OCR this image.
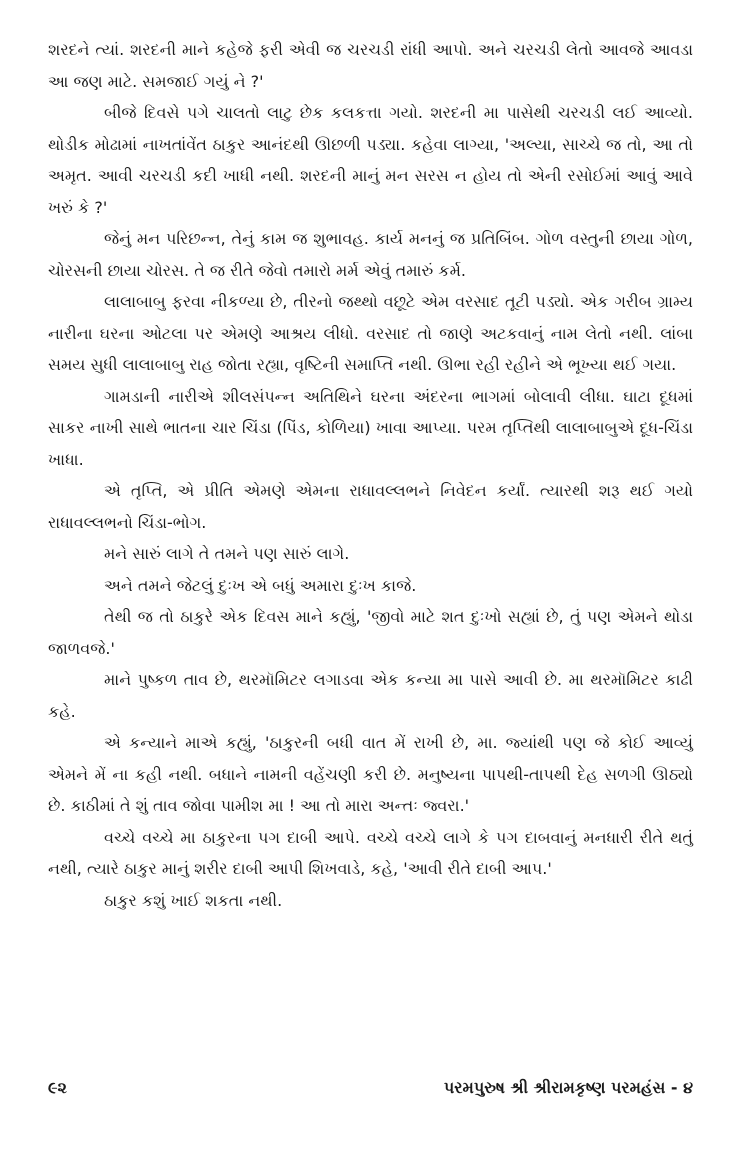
શરદને ત્યાં. શરદની માને કહેજે ફરી એવી જ ચરચડી રાંધી આપો. અને ચરચડી લેતો આવજે આવડા આ જણ માટે. સમજાઈ ગયું ને ?'

બીજે દિવસે પગે ચાલતો લાટુ છેક કલકત્તા ગયો. શરદની મા પાસેથી ચરચડી લઈ આવ્યો. થોડીક મોઢામાં નાખતાંવેંત ઠાકુર આનંદથી ઊછળી પડ્યા. કહેવા લાગ્યા, 'અલ્યા, સાચ્ચે જ તો, આ તો અમૃત. આવી ચરચડી કદી ખાધી નથી. શરદની માનું મન સરસ ન હોય તો એની રસોઈમાં આવું આવે ખરું કે ?'

જેનું મન પરિછન્ન, તેનું કામ જ શુભાવહ. કાર્ય મનનું જ પ્રતિબિંબ. ગોળ વસ્તુની છાયા ગોળ, ચોરસની છાયા ચોરસ. તે જ રીતે જેવો તમારો મર્મ એવું તમારું કર્મ.

લાલાબાબુ ફરવા નીકળ્યા છે, તીરનો જથ્થો વછૂટે એમ વરસાદ તૂટી પડ્યો. એક ગરીબ ગ્રામ્ય નારીના ઘરના ઓટલા પર એમણે આશ્રય લીધો. વરસાદ તો જાણે અટકવાનું નામ લેતો નથી. લાંબા સમય સુધી લાલાબાબુ રાહ જોતા રહ્યા, વૃષ્ટિની સમાપ્તિ નથી. ઊભા રહી રહીને એ ભૂખ્યા થઈ ગયા.

ગામડાની નારીએ શીલસંપન્ન અતિથિને ઘરના અંદરના ભાગમાં બોલાવી લીધા. ઘાટા દૂધમાં સાકર નાખી સાથે ભાતના ચાર ચિંડા (પિંડ, કોળિયા) ખાવા આપ્યા. પરમ તૃપ્તિથી લાલાબાબુએ દૂધ-ચિંડા ખાધા.

એ તૃપ્તિ, એ પ્રીતિ એમણે એમના રાધાવલ્લભને નિવેદન કર્યાં. ત્યારથી શરૂ થઈ ગયો રાધાવલ્લભનો ચિંડા-ભોગ.

મને સારું લાગે તે તમને પણ સારું લાગે.

અને તમને જેટલું દુઃખ એ બધું અમારા દુઃખ કાજે.

તેથી જ તો ઠાકુરે એક દિવસ માને કહ્યું, 'જીવો માટે શત દુઃખો સહ્યાં છે, તું પણ એમને થોડા જાળવજે.'

માને પુષ્કળ તાવ છે, થરમૉમિટર લગાડવા એક કન્યા મા પાસે આવી છે. મા થરમૉમિટર કાઢી કહે.

એ કન્યાને માએ કહ્યું, 'ઠાકુરની બધી વાત મેં રાખી છે, મા. જ્યાંથી પણ જે કોઈ આવ્યું એમને મેં ના કહી નથી. બધાને નામની વહેંચણી કરી છે. મનુષ્યના પાપથી-તાપથી દેહ સળગી ઊઠ્યો છે. કાઠીમાં તે શું તાવ જોવા પામીશ મા ! આ તો મારા અન્તઃ જ્વરા.'

વચ્ચે વચ્ચે મા ઠાકુરના પગ દાબી આપે. વચ્ચે વચ્ચે લાગે કે પગ દાબવાનું મનધારી રીતે થતું નથી, ત્યારે ઠાકુર માનું શરીર દાબી આપી શિખવાડે, કહે, 'આવી રીતે દાબી આપ.'

ઠાકુર કશું ખાઈ શકતા નથી.

૯૨	પરમપુરુષ શ્રી શ્રીરામકૃષ્ણ પરમહંસ - ૪
